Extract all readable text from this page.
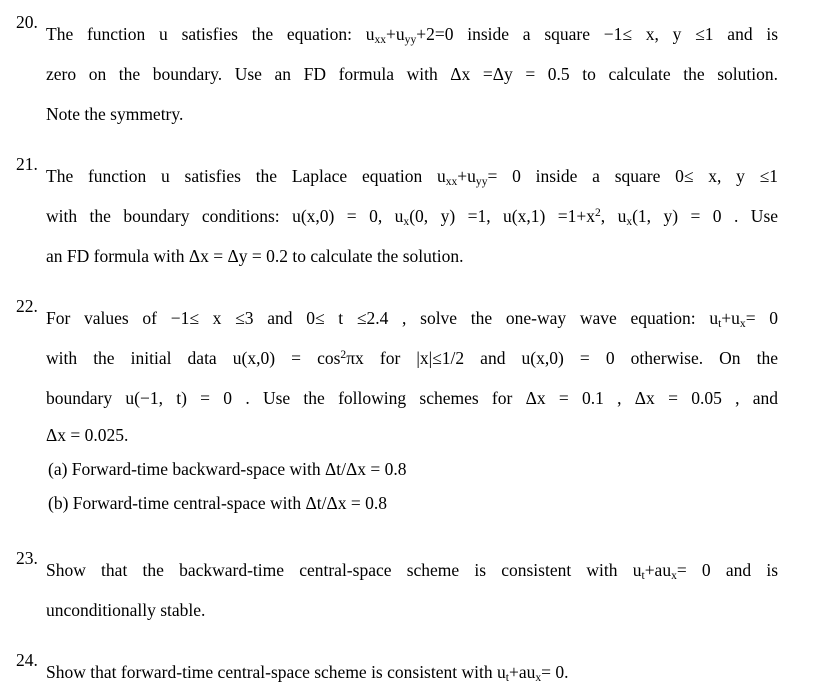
20.
The function u satisfies the equation: $u_{xx}+u_{yy}+2=0$ inside a square −1≤ x, y ≤1 and is
zero on the boundary. Use an FD formula with Δx =Δy = 0.5 to calculate the solution.
Note the symmetry.
21.
The function u satisfies the Laplace equation $u_{xx}+u_{yy}= 0$ inside a square 0≤ x, y ≤1
with the boundary conditions: u(x,0) = 0, $u_x(0$, y) =1, $u(x,1) =1+x^2$, $u_x(1$, y) = 0 . Use
an FD formula with Δx = Δy = 0.2 to calculate the solution.
22.
For values of −1≤ x ≤3 and 0≤ t ≤2.4 , solve the one-way wave equation: $u_t+u_x= 0$
with the initial data $u(x,0) = \cos^2\pi x$ for |x|≤1/2 and u(x,0) = 0 otherwise. On the
boundary u(−1, t) = 0 . Use the following schemes for Δx = 0.1 , Δx = 0.05 , and
Δx = 0.025.
(a) Forward-time backward-space with Δt/Δx = 0.8
(b) Forward-time central-space with Δt/Δx = 0.8
23.
Show that the backward-time central-space scheme is consistent with $u_t+au_x= 0$ and is
unconditionally stable.
24.
Show that forward-time central-space scheme is consistent with $u_t+au_x= 0$.
